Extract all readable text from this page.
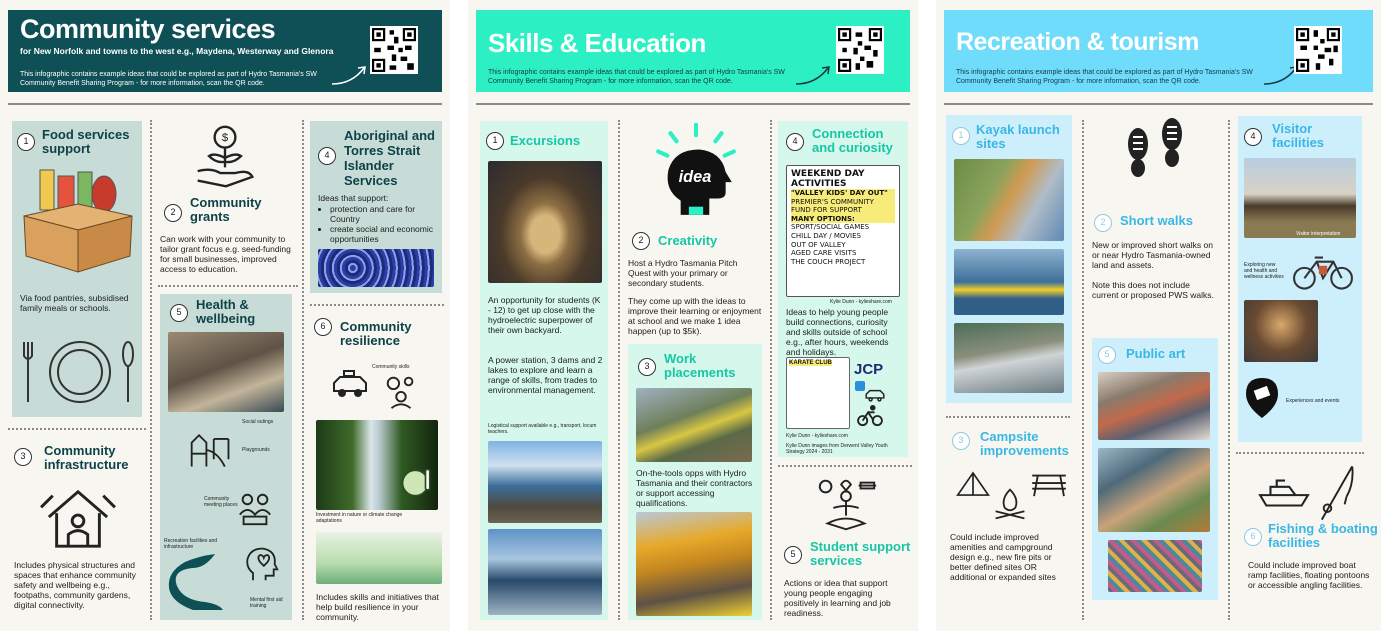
Community services
for New Norfolk and towns to the west e.g., Maydena, Westerway and Glenora
This infographic contains example ideas that could be explored as part of Hydro Tasmania's SW Community Benefit Sharing Program - for more information, scan the QR code.
1	Food services support
Via food pantries, subsidised family meals or schools.
3	Community infrastructure
Includes physical structures and spaces that enhance community safety and wellbeing e.g., footpaths, community gardens, digital connectivity.
$
2
Community grants
Can work with your community to tailor grant focus e.g. seed-funding for small businesses, improved access to education.
5	Health & wellbeing
Social outings
Playgrounds
Community meeting places
Recreation facilities and infrastructure
Mental first aid training
4
Aboriginal and Torres Strait Islander Services
Ideas that support:
• protection and care for Country
• create social and economic opportunities
6	Community resilience
Community skills
Investment in nature or climate change adaptations
Includes skills and initiatives that help build resilience in your community.
Skills & Education
This infographic contains example ideas that could be explored as part of Hydro Tasmania's SW Community Benefit Sharing Program - for more information, scan the QR code.
1 Excursions
An opportunity for students (K - 12) to get up close with the hydroelectric superpower of their own backyard.
A power station, 3 dams and 2 lakes to explore and learn a range of skills, from trades to environmental management.
Logistical support available e.g., transport, locum teachers.
idea
2	Creativity
Host a Hydro Tasmania Pitch Quest with your primary or secondary students.
They come up with the ideas to improve their learning or enjoyment at school and we make 1 idea happen (up to $5k).
3	Work placements
On-the-tools opps with Hydro Tasmania and their contractors or support accessing qualifications.
4	Connection and curiosity
WEEKEND DAY
ACTIVITIES
"VALLEY KIDS' DAY OUT"
PREMIER'S COMMUNITY
FUND FOR SUPPORT
MANY OPTIONS:
SPORT/SOCIAL GAMES
CHILL DAY / MOVIES
OUT OF VALLEY
AGED CARE VISITS
THE COUCH PROJECT
Kylie Dunn - kylieshare.com
Ideas to help young people build connections, curiosity and skills outside of school e.g., after hours, weekends and holidays.
KARATE CLUB	JCP
Kylie Dunn - kylieshare.com
Kylie Dunn images from Derwent Valley Youth Strategy 2024 - 2031
5	Student support services
Actions or idea that support young people engaging positively in learning and job readiness.
Recreation & tourism
This infographic contains example ideas that could be explored as part of Hydro Tasmania's SW Community Benefit Sharing Program - for more information, scan the QR code.
1 Kayak launch sites
3	Campsite improvements
Could include improved amenities and campground design e.g., new fire pits or better defined sites OR additional or expanded sites
2	Short walks
New or improved short walks on or near Hydro Tasmania-owned land and assets.
Note this does not include current or proposed PWS walks.
5	Public art
4	Visitor facilities
Visitor interpretation
Exploring new and health and wellness activities
Experiences and events
6 Fishing & boating facilities
Could include improved boat ramp facilities, floating pontoons or accessible angling facilities.
